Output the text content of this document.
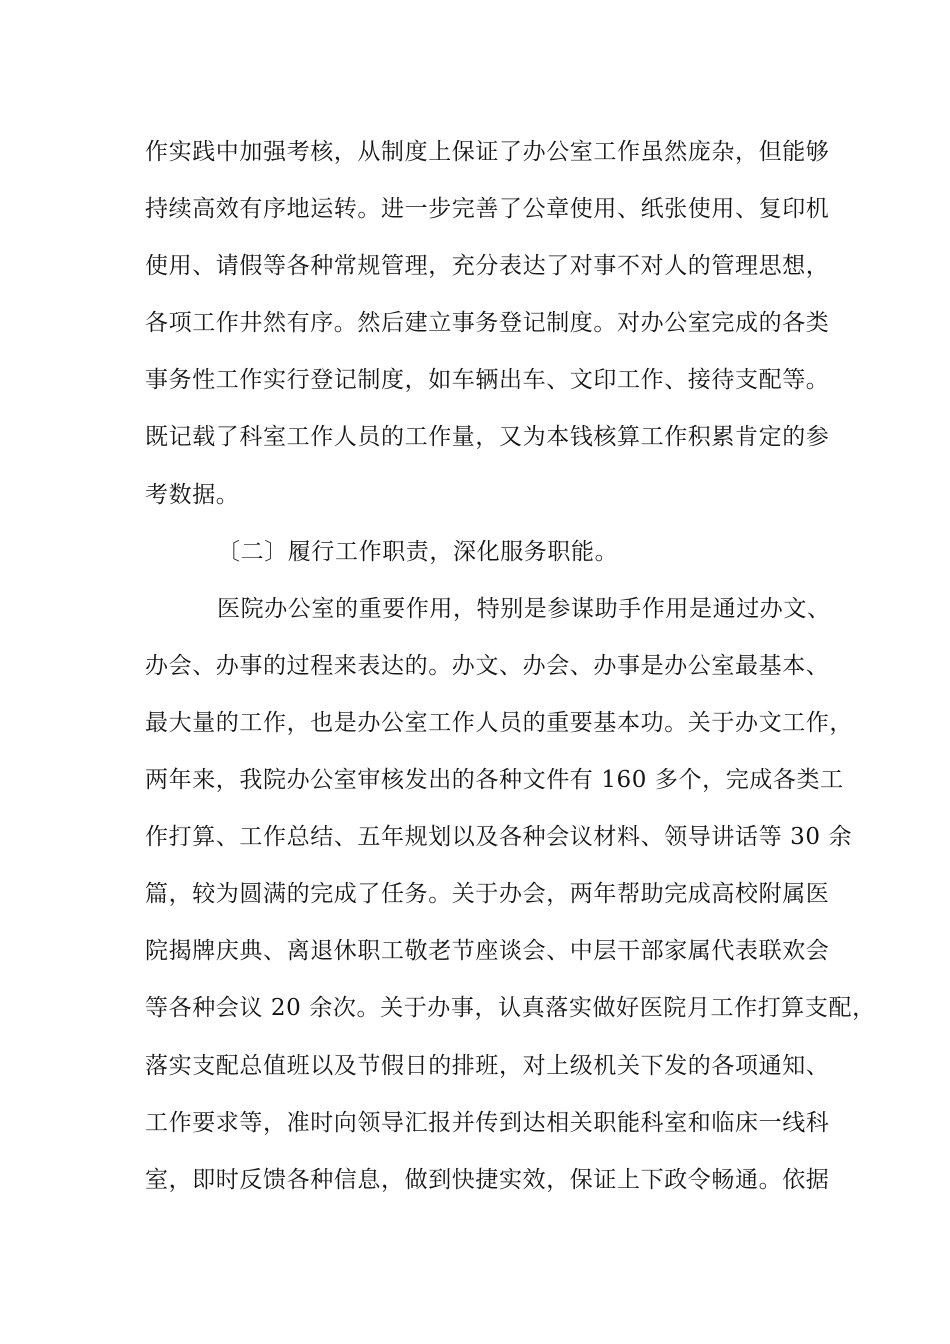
作实践中加强考核，从制度上保证了办公室工作虽然庞杂，但能够
持续高效有序地运转。进一步完善了公章使用、纸张使用、复印机
使用、请假等各种常规管理，充分表达了对事不对人的管理思想，
各项工作井然有序。然后建立事务登记制度。对办公室完成的各类
事务性工作实行登记制度，如车辆出车、文印工作、接待支配等。
既记载了科室工作人员的工作量，又为本钱核算工作积累肯定的参
考数据。
〔二〕履行工作职责，深化服务职能。
医院办公室的重要作用，特别是参谋助手作用是通过办文、
办会、办事的过程来表达的。办文、办会、办事是办公室最基本、
最大量的工作，也是办公室工作人员的重要基本功。关于办文工作，
两年来，我院办公室审核发出的各种文件有 160 多个，完成各类工
作打算、工作总结、五年规划以及各种会议材料、领导讲话等 30 余
篇，较为圆满的完成了任务。关于办会，两年帮助完成高校附属医
院揭牌庆典、离退休职工敬老节座谈会、中层干部家属代表联欢会
等各种会议 20 余次。关于办事，认真落实做好医院月工作打算支配，
落实支配总值班以及节假日的排班，对上级机关下发的各项通知、
工作要求等，准时向领导汇报并传到达相关职能科室和临床一线科
室，即时反馈各种信息，做到快捷实效，保证上下政令畅通。依据
